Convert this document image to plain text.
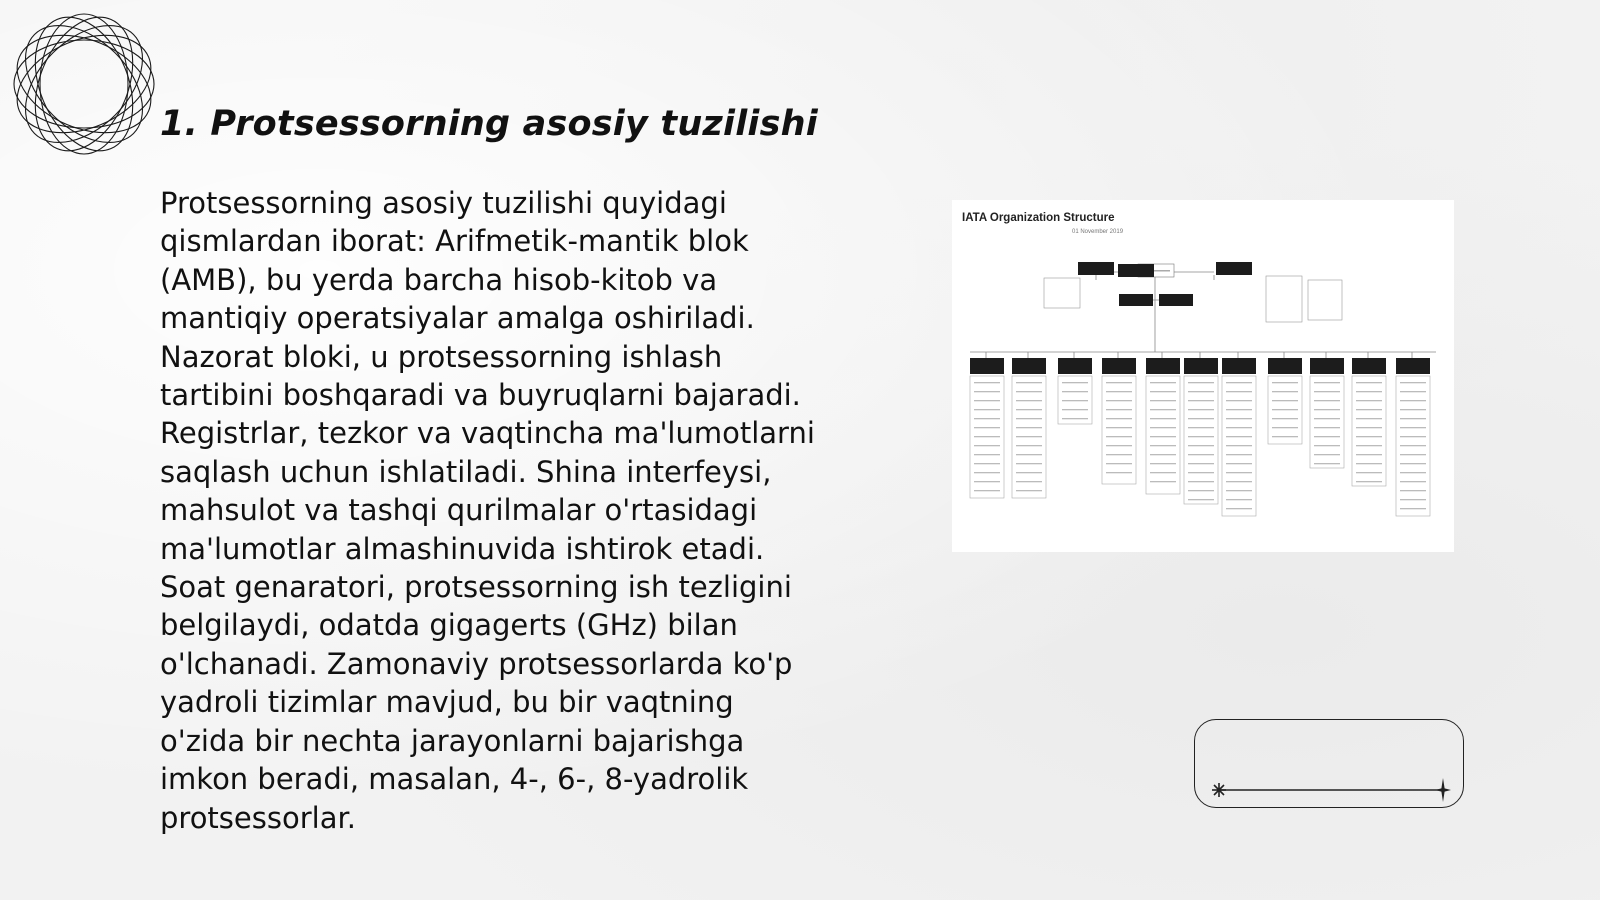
1. Protsessorning asosiy tuzilishi

Protsessorning asosiy tuzilishi quyidagi
qismlardan iborat: Arifmetik-mantik blok
(AMB), bu yerda barcha hisob-kitob va
mantiqiy operatsiyalar amalga oshiriladi.
Nazorat bloki, u protsessorning ishlash
tartibini boshqaradi va buyruqlarni bajaradi.
Registrlar, tezkor va vaqtincha ma'lumotlarni
saqlash uchun ishlatiladi. Shina interfeysi,
mahsulot va tashqi qurilmalar o'rtasidagi
ma'lumotlar almashinuvida ishtirok etadi.
Soat genaratori, protsessorning ish tezligini
belgilaydi, odatda gigagerts (GHz) bilan
o'lchanadi. Zamonaviy protsessorlarda ko'p
yadroli tizimlar mavjud, bu bir vaqtning
o'zida bir nechta jarayonlarni bajarishga
imkon beradi, masalan, 4-, 6-, 8-yadrolik
protsessorlar.

IATA Organization Structure
01 November 2019
